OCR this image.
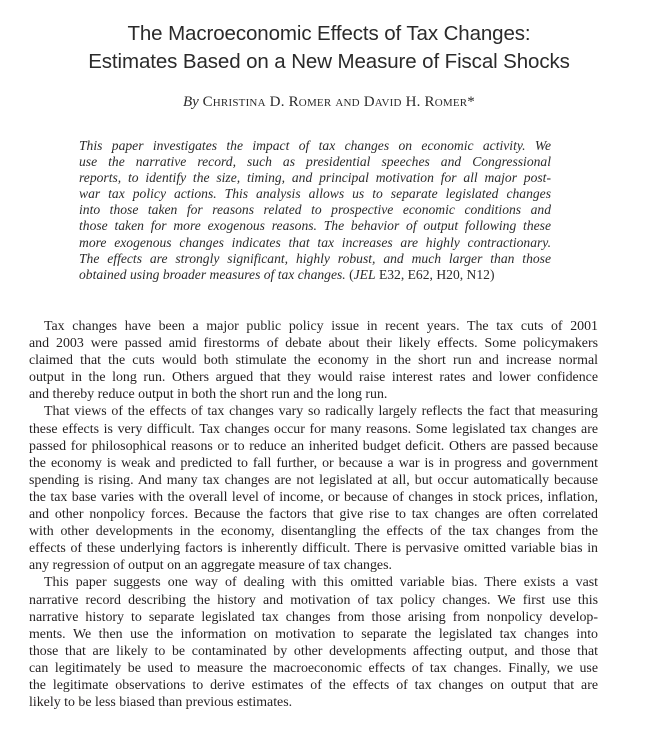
The Macroeconomic Effects of Tax Changes:
Estimates Based on a New Measure of Fiscal Shocks
By Christina D. Romer and David H. Romer*
This paper investigates the impact of tax changes on economic activity. We
use the narrative record, such as presidential speeches and Congressional
reports, to identify the size, timing, and principal motivation for all major post-
war tax policy actions. This analysis allows us to separate legislated changes
into those taken for reasons related to prospective economic conditions and
those taken for more exogenous reasons. The behavior of output following these
more exogenous changes indicates that tax increases are highly contractionary.
The effects are strongly significant, highly robust, and much larger than those
obtained using broader measures of tax changes. (JEL E32, E62, H20, N12)
Tax changes have been a major public policy issue in recent years. The tax cuts of 2001
and 2003 were passed amid firestorms of debate about their likely effects. Some policymakers
claimed that the cuts would both stimulate the economy in the short run and increase normal
output in the long run. Others argued that they would raise interest rates and lower confidence
and thereby reduce output in both the short run and the long run.
That views of the effects of tax changes vary so radically largely reflects the fact that measuring
these effects is very difficult. Tax changes occur for many reasons. Some legislated tax changes are
passed for philosophical reasons or to reduce an inherited budget deficit. Others are passed because
the economy is weak and predicted to fall further, or because a war is in progress and government
spending is rising. And many tax changes are not legislated at all, but occur automatically because
the tax base varies with the overall level of income, or because of changes in stock prices, inflation,
and other nonpolicy forces. Because the factors that give rise to tax changes are often correlated
with other developments in the economy, disentangling the effects of the tax changes from the
effects of these underlying factors is inherently difficult. There is pervasive omitted variable bias in
any regression of output on an aggregate measure of tax changes.
This paper suggests one way of dealing with this omitted variable bias. There exists a vast
narrative record describing the history and motivation of tax policy changes. We first use this
narrative history to separate legislated tax changes from those arising from nonpolicy develop-
ments. We then use the information on motivation to separate the legislated tax changes into
those that are likely to be contaminated by other developments affecting output, and those that
can legitimately be used to measure the macroeconomic effects of tax changes. Finally, we use
the legitimate observations to derive estimates of the effects of tax changes on output that are
likely to be less biased than previous estimates.
